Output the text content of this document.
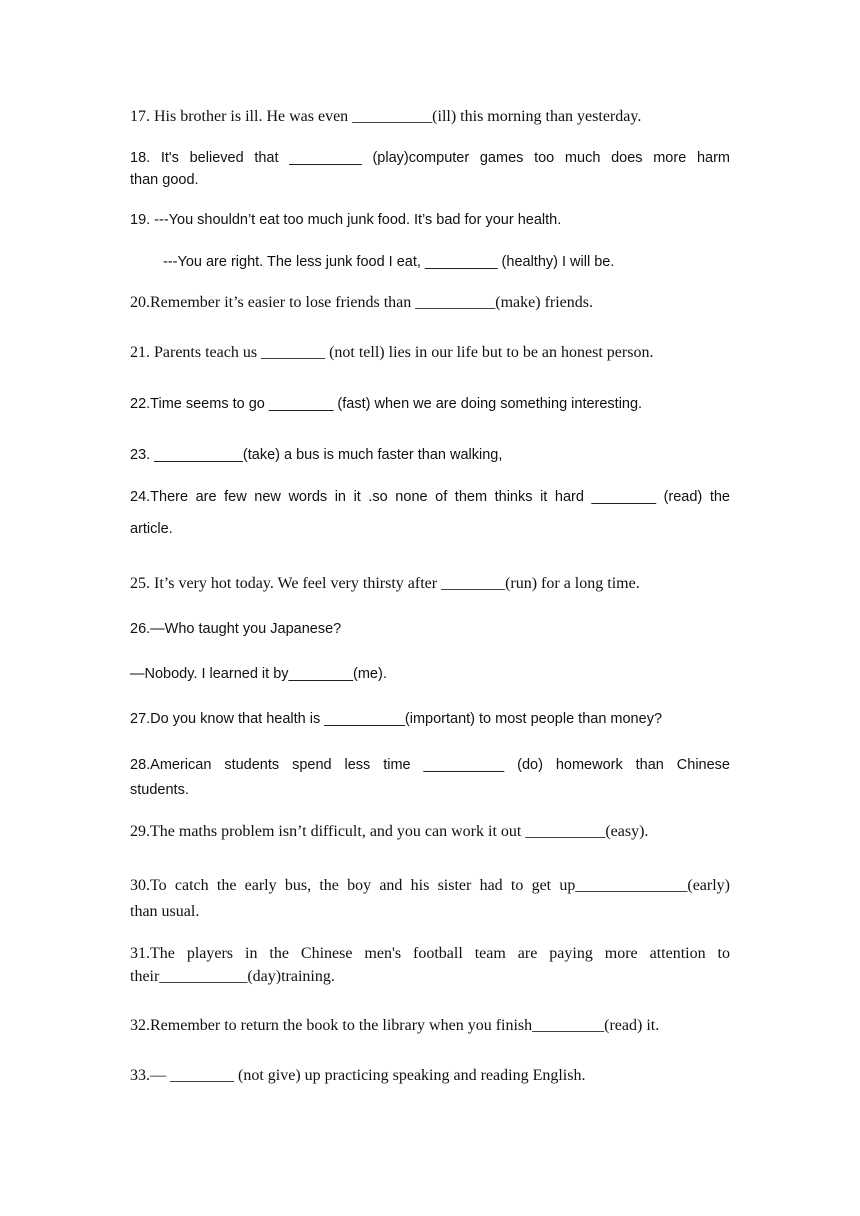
17. His brother is ill. He was even __________(ill) this morning than yesterday.
18. It's believed that _________ (play)computer games too much does more harm
than good.
19. ---You shouldn’t eat too much junk food. It’s bad for your health.
---You are right. The less junk food I eat, _________ (healthy) I will be.
20.Remember it’s easier to lose friends than __________(make) friends.
21. Parents teach us ________ (not tell) lies in our life but to be an honest person.
22.Time seems to go ________ (fast) when we are doing something interesting.
23. ___________(take) a bus is much faster than walking,
24.There are few new words in it .so none of them thinks it hard ________ (read) the
article.
25. It’s very hot today. We feel very thirsty after ________(run) for a long time.
26.—Who taught you Japanese?
—Nobody. I learned it by________(me).
27.Do you know that health is __________(important) to most people than money?
28.American students spend less time __________ (do) homework than Chinese
students.
29.The maths problem isn’t difficult, and you can work it out __________(easy).
30.To catch the early bus, the boy and his sister had to get up______________(early)
than usual.
31.The players in the Chinese men's football team are paying more attention to
their___________(day)training.
32.Remember to return the book to the library when you finish_________(read) it.
33.— ________ (not give) up practicing speaking and reading English.
